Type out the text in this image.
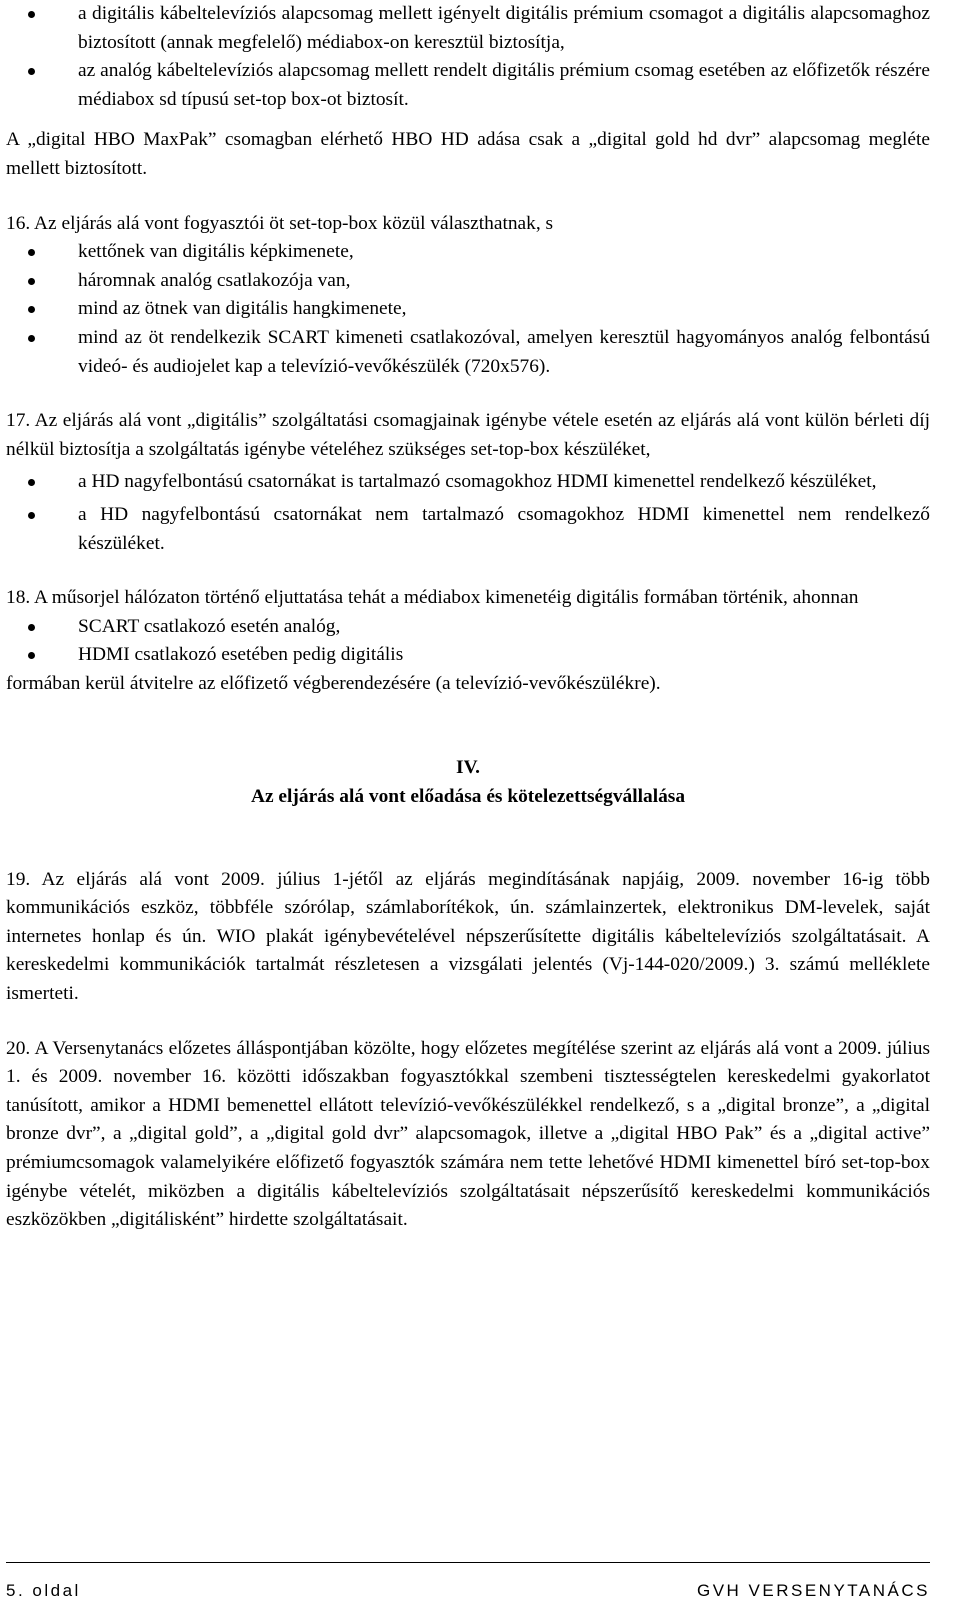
a digitális kábeltelevíziós alapcsomag mellett igényelt digitális prémium csomagot a digitális alapcsomaghoz biztosított (annak megfelelő) médiabox-on keresztül biztosítja,
az analóg kábeltelevíziós alapcsomag mellett rendelt digitális prémium csomag esetében az előfizetők részére médiabox sd típusú set-top box-ot biztosít.

A „digital HBO MaxPak” csomagban elérhető HBO HD adása csak a „digital gold hd dvr” alapcsomag megléte mellett biztosított.

16. Az eljárás alá vont fogyasztói öt set-top-box közül választhatnak, s

kettőnek van digitális képkimenete,
háromnak analóg csatlakozója van,
mind az ötnek van digitális hangkimenete,
mind az öt rendelkezik SCART kimeneti csatlakozóval, amelyen keresztül hagyományos analóg felbontású videó- és audiojelet kap a televízió-vevőkészülék (720x576).

17. Az eljárás alá vont „digitális” szolgáltatási csomagjainak igénybe vétele esetén az eljárás alá vont külön bérleti díj nélkül biztosítja a szolgáltatás igénybe vételéhez szükséges set-top-box készüléket,

a HD nagyfelbontású csatornákat is tartalmazó csomagokhoz HDMI kimenettel rendelkező készüléket,
a HD nagyfelbontású csatornákat nem tartalmazó csomagokhoz HDMI kimenettel nem rendelkező készüléket.

18. A műsorjel hálózaton történő eljuttatása tehát a médiabox kimenetéig digitális formában történik, ahonnan

SCART csatlakozó esetén analóg,
HDMI csatlakozó esetében pedig digitális

formában kerül átvitelre az előfizető végberendezésére (a televízió-vevőkészülékre).

IV.

Az eljárás alá vont előadása és kötelezettségvállalása

19. Az eljárás alá vont 2009. július 1-jétől az eljárás megindításának napjáig, 2009. november 16-ig több kommunikációs eszköz, többféle szórólap, számlaborítékok, ún. számlainzertek, elektronikus DM-levelek, saját internetes honlap és ún. WIO plakát igénybevételével népszerűsítette digitális kábeltelevíziós szolgáltatásait. A kereskedelmi kommunikációk tartalmát részletesen a vizsgálati jelentés (Vj-144-020/2009.) 3. számú melléklete ismerteti.

20. A Versenytanács előzetes álláspontjában közölte, hogy előzetes megítélése szerint az eljárás alá vont a 2009. július 1. és 2009. november 16. közötti időszakban fogyasztókkal szembeni tisztességtelen kereskedelmi gyakorlatot tanúsított, amikor a HDMI bemenettel ellátott televízió-vevőkészülékkel rendelkező, s a „digital bronze”, a „digital bronze dvr”, a „digital gold”, a „digital gold dvr” alapcsomagok, illetve a „digital HBO Pak” és a „digital active” prémiumcsomagok valamelyikére előfizető fogyasztók számára nem tette lehetővé HDMI kimenettel bíró set-top-box igénybe vételét, miközben a digitális kábeltelevíziós szolgáltatásait népszerűsítő kereskedelmi kommunikációs eszközökben „digitálisként” hirdette szolgáltatásait.

5. oldal	GVH VERSENYTANÁCS
